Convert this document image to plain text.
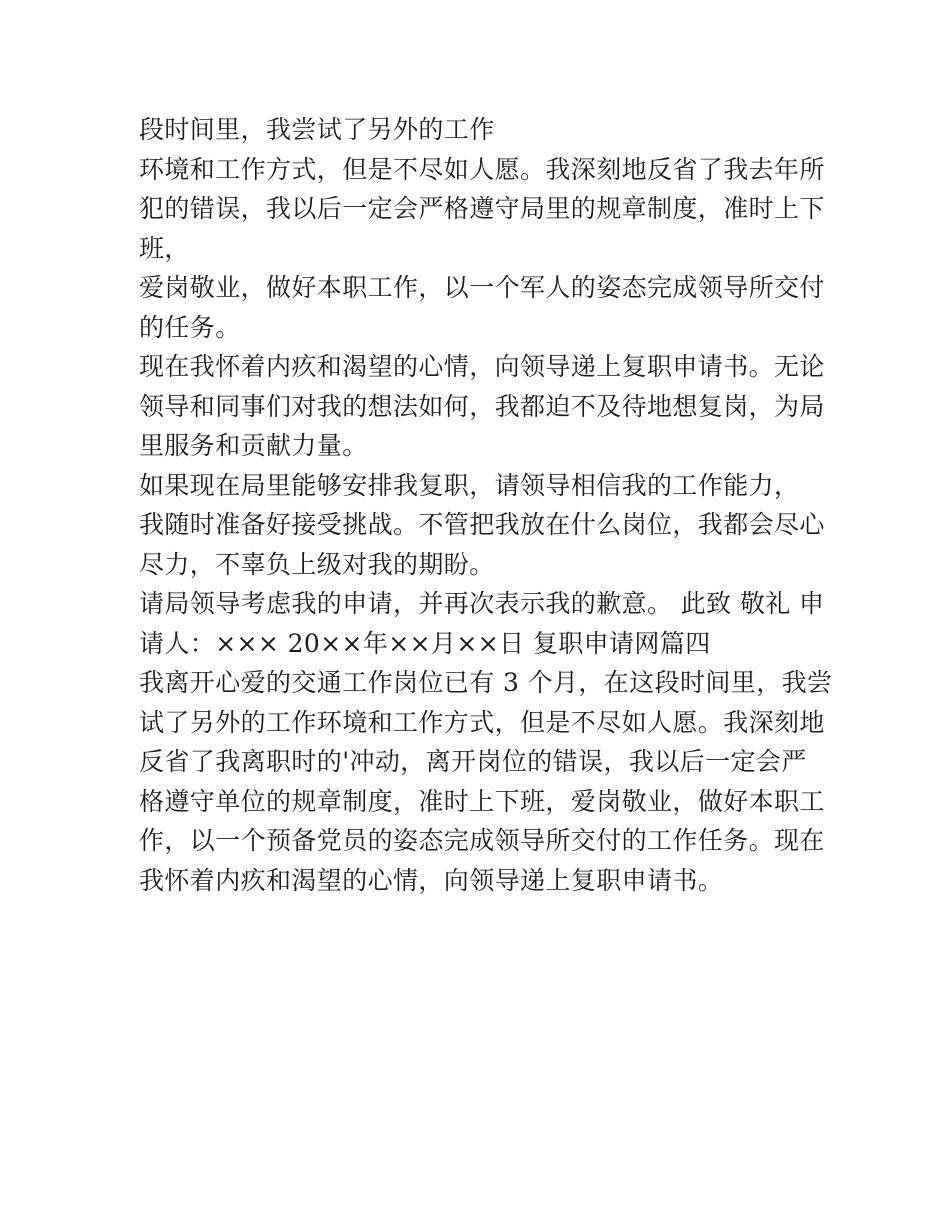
段时间里，我尝试了另外的工作
环境和工作方式，但是不尽如人愿。我深刻地反省了我去年所
犯的错误，我以后一定会严格遵守局里的规章制度，准时上下
班，
爱岗敬业，做好本职工作，以一个军人的姿态完成领导所交付
的任务。
现在我怀着内疚和渴望的心情，向领导递上复职申请书。无论
领导和同事们对我的想法如何，我都迫不及待地想复岗，为局
里服务和贡献力量。
如果现在局里能够安排我复职，请领导相信我的工作能力，
我随时准备好接受挑战。不管把我放在什么岗位，我都会尽心
尽力，不辜负上级对我的期盼。
请局领导考虑我的申请，并再次表示我的歉意。 此致 敬礼 申
请人：××× 20××年××月××日 复职申请网篇四
我离开心爱的交通工作岗位已有 3 个月，在这段时间里，我尝
试了另外的工作环境和工作方式，但是不尽如人愿。我深刻地
反省了我离职时的'冲动，离开岗位的错误，我以后一定会严
格遵守单位的规章制度，准时上下班，爱岗敬业，做好本职工
作，以一个预备党员的姿态完成领导所交付的工作任务。现在
我怀着内疚和渴望的心情，向领导递上复职申请书。
